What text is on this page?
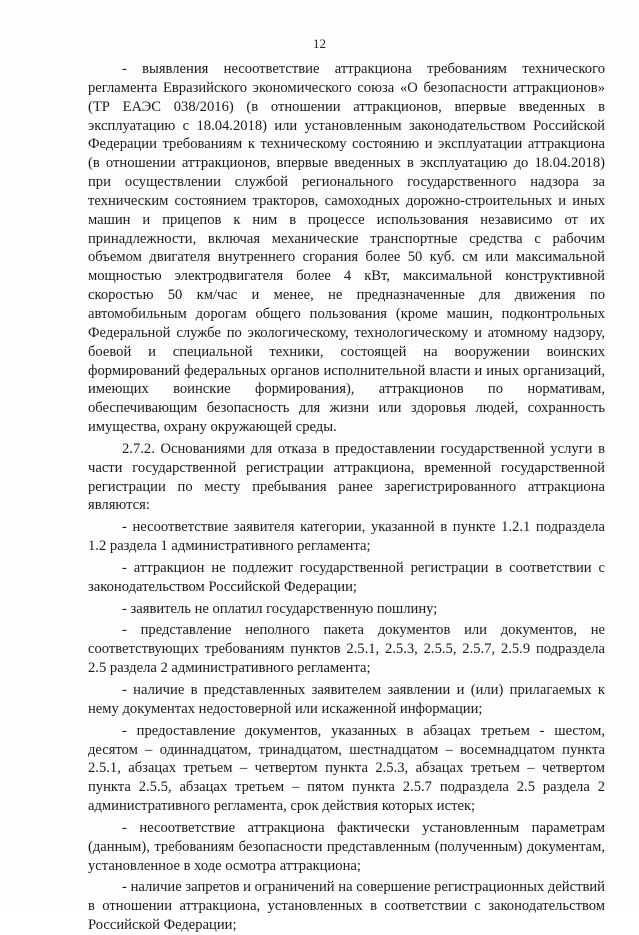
12

- выявления несоответствие аттракциона требованиям технического регламента Евразийского экономического союза «О безопасности аттракционов» (ТР ЕАЭС 038/2016) (в отношении аттракционов, впервые введенных в эксплуатацию с 18.04.2018) или установленным законодательством Российской Федерации требованиям к техническому состоянию и эксплуатации аттракциона (в отношении аттракционов, впервые введенных в эксплуатацию до 18.04.2018) при осуществлении службой регионального государственного надзора за техническим состоянием тракторов, самоходных дорожно-строительных и иных машин и прицепов к ним в процессе использования независимо от их принадлежности, включая механические транспортные средства с рабочим объемом двигателя внутреннего сгорания более 50 куб. см или максимальной мощностью электродвигателя более 4 кВт, максимальной конструктивной скоростью 50 км/час и менее, не предназначенные для движения по автомобильным дорогам общего пользования (кроме машин, подконтрольных Федеральной службе по экологическому, технологическому и атомному надзору, боевой и специальной техники, состоящей на вооружении воинских формирований федеральных органов исполнительной власти и иных организаций, имеющих воинские формирования), аттракционов по нормативам, обеспечивающим безопасность для жизни или здоровья людей, сохранность имущества, охрану окружающей среды.

2.7.2. Основаниями для отказа в предоставлении государственной услуги в части государственной регистрации аттракциона, временной государственной регистрации по месту пребывания ранее зарегистрированного аттракциона являются:

- несоответствие заявителя категории, указанной в пункте 1.2.1 подраздела 1.2 раздела 1 административного регламента;

- аттракцион не подлежит государственной регистрации в соответствии с законодательством Российской Федерации;

- заявитель не оплатил государственную пошлину;

- представление неполного пакета документов или документов, не соответствующих требованиям пунктов 2.5.1, 2.5.3, 2.5.5, 2.5.7, 2.5.9 подраздела 2.5 раздела 2 административного регламента;

- наличие в представленных заявителем заявлении и (или) прилагаемых к нему документах недостоверной или искаженной информации;

- предоставление документов, указанных в абзацах третьем - шестом, десятом – одиннадцатом, тринадцатом, шестнадцатом – восемнадцатом пункта 2.5.1, абзацах третьем – четвертом пункта 2.5.3, абзацах третьем – четвертом пункта 2.5.5, абзацах третьем – пятом пункта 2.5.7 подраздела 2.5 раздела 2 административного регламента, срок действия которых истек;

- несоответствие аттракциона фактически установленным параметрам (данным), требованиям безопасности представленным (полученным) документам, установленное в ходе осмотра аттракциона;

- наличие запретов и ограничений на совершение регистрационных действий в отношении аттракциона, установленных в соответствии с законодательством Российской Федерации;
